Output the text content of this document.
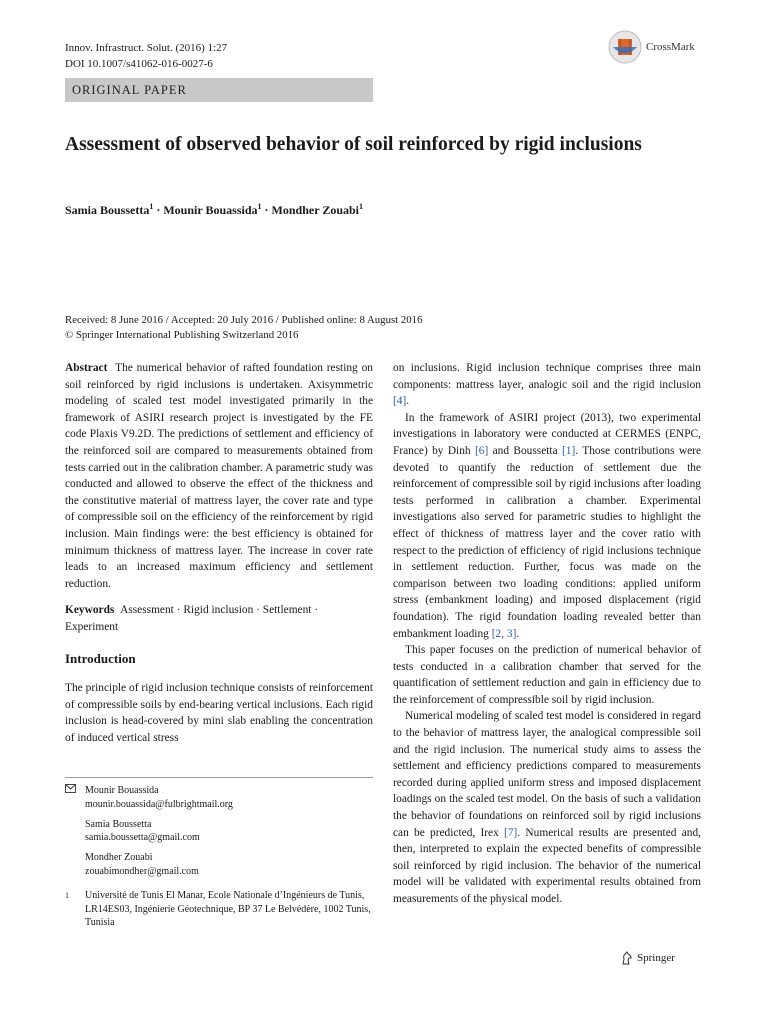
Innov. Infrastruct. Solut. (2016) 1:27
DOI 10.1007/s41062-016-0027-6
CrossMark
ORIGINAL PAPER
Assessment of observed behavior of soil reinforced by rigid inclusions
Samia Boussetta$^1$ · Mounir Bouassida$^1$ · Mondher Zouabi$^1$
Received: 8 June 2016 / Accepted: 20 July 2016 / Published online: 8 August 2016
© Springer International Publishing Switzerland 2016

Abstract The numerical behavior of rafted foundation resting on soil reinforced by rigid inclusions is undertaken. Axisymmetric modeling of scaled test model investigated primarily in the framework of ASIRI research project is investigated by the FE code Plaxis V9.2D. The predictions of settlement and efficiency of the reinforced soil are compared to measurements obtained from tests carried out in the calibration chamber. A parametric study was conducted and allowed to observe the effect of the thickness and the constitutive material of mattress layer, the cover rate and type of compressible soil on the efficiency of the reinforcement by rigid inclusion. Main findings were: the best efficiency is obtained for minimum thickness of mattress layer. The increase in cover rate leads to an increased maximum efficiency and settlement reduction.

Keywords Assessment · Rigid inclusion · Settlement · Experiment

Introduction

The principle of rigid inclusion technique consists of reinforcement of compressible soils by end-bearing vertical inclusions. Each rigid inclusion is head-covered by mini slab enabling the concentration of induced vertical stress

on inclusions. Rigid inclusion technique comprises three main components: mattress layer, analogic soil and the rigid inclusion [4].

In the framework of ASIRI project (2013), two experimental investigations in laboratory were conducted at CERMES (ENPC, France) by Dinh [6] and Boussetta [1]. Those contributions were devoted to quantify the reduction of settlement due the reinforcement of compressible soil by rigid inclusions after loading tests performed in calibration a chamber. Experimental investigations also served for parametric studies to highlight the effect of thickness of mattress layer and the cover ratio with respect to the prediction of efficiency of rigid inclusions technique in settlement reduction. Further, focus was made on the comparison between two loading conditions: applied uniform stress (embankment loading) and imposed displacement (rigid foundation). The rigid foundation loading revealed better than embankment loading [2, 3].

This paper focuses on the prediction of numerical behavior of tests conducted in a calibration chamber that served for the quantification of settlement reduction and gain in efficiency due to the reinforcement of compressible soil by rigid inclusion.

Numerical modeling of scaled test model is considered in regard to the behavior of mattress layer, the analogical compressible soil and the rigid inclusion. The numerical study aims to assess the settlement and efficiency predictions compared to measurements recorded during applied uniform stress and imposed displacement loadings on the scaled test model. On the basis of such a validation the behavior of foundations on reinforced soil by rigid inclusions can be predicted, Irex [7]. Numerical results are presented and, then, interpreted to explain the expected benefits of compressible soil reinforced by rigid inclusion. The behavior of the numerical model will be validated with experimental results obtained from measurements of the physical model.

Mounir Bouassida
mounir.bouassida@fulbrightmail.org
Samia Boussetta
samia.boussetta@gmail.com
Mondher Zouabi
zouabimondher@gmail.com
1	Université de Tunis El Manar, Ecole Nationale d’Ingénieurs de Tunis, LR14ES03, Ingénierie Géotechnique, BP 37 Le Belvédère, 1002 Tunis, Tunisia
Springer
